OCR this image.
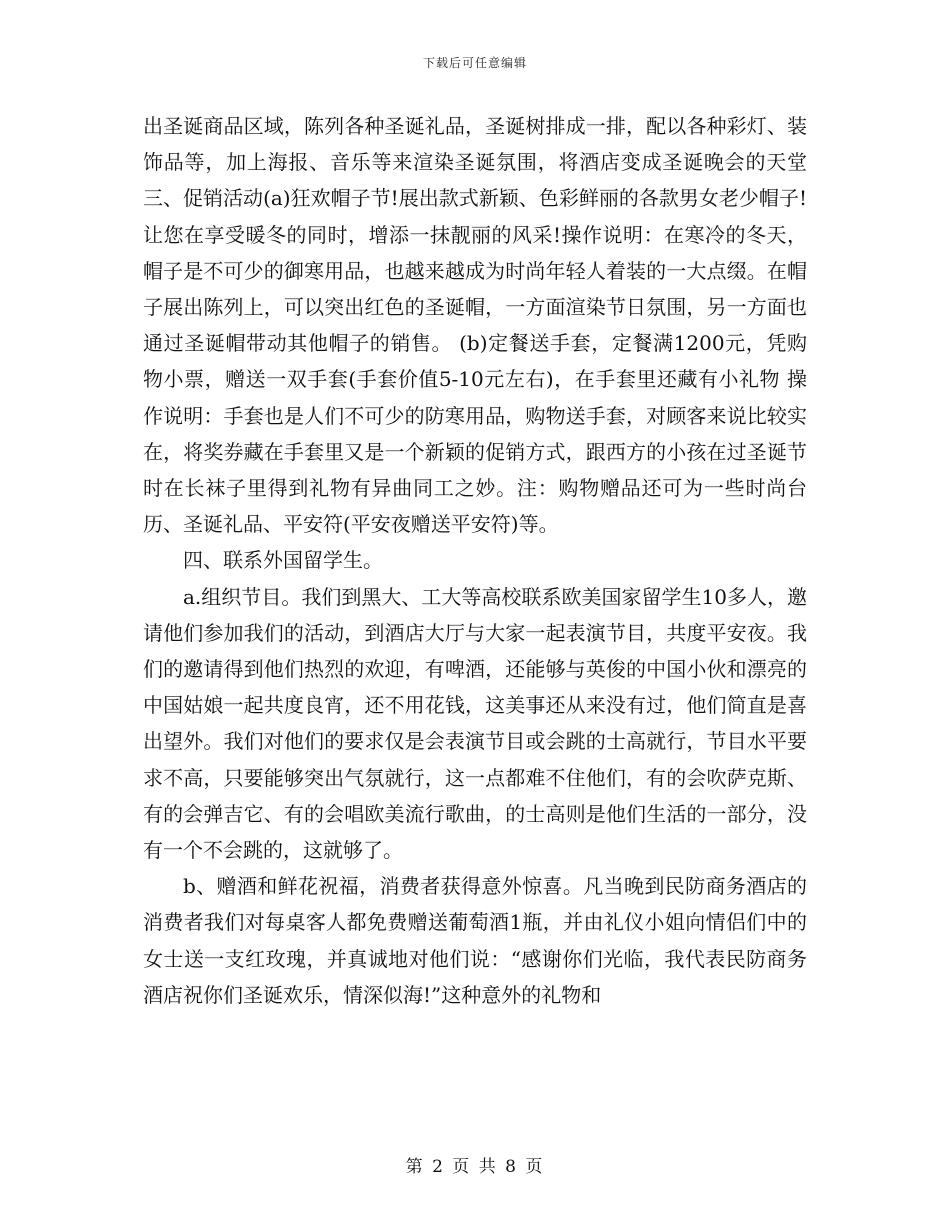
下载后可任意编辑

出圣诞商品区域，陈列各种圣诞礼品，圣诞树排成一排，配以各种彩灯、装饰品等，加上海报、音乐等来渲染圣诞氛围，将酒店变成圣诞晚会的天堂三、促销活动(a)狂欢帽子节!展出款式新颖、色彩鲜丽的各款男女老少帽子!让您在享受暖冬的同时，增添一抹靓丽的风采!操作说明：在寒冷的冬天，帽子是不可少的御寒用品，也越来越成为时尚年轻人着装的一大点缀。在帽子展出陈列上，可以突出红色的圣诞帽，一方面渲染节日氛围，另一方面也通过圣诞帽带动其他帽子的销售。 (b)定餐送手套，定餐满1200元，凭购物小票，赠送一双手套(手套价值5-10元左右)，在手套里还藏有小礼物 操作说明：手套也是人们不可少的防寒用品，购物送手套，对顾客来说比较实在，将奖券藏在手套里又是一个新颖的促销方式，跟西方的小孩在过圣诞节时在长袜子里得到礼物有异曲同工之妙。注：购物赠品还可为一些时尚台历、圣诞礼品、平安符(平安夜赠送平安符)等。

四、联系外国留学生。

a.组织节目。我们到黑大、工大等高校联系欧美国家留学生10多人，邀请他们参加我们的活动，到酒店大厅与大家一起表演节目，共度平安夜。我们的邀请得到他们热烈的欢迎，有啤酒，还能够与英俊的中国小伙和漂亮的中国姑娘一起共度良宵，还不用花钱，这美事还从来没有过，他们简直是喜出望外。我们对他们的要求仅是会表演节目或会跳的士高就行，节目水平要求不高，只要能够突出气氛就行，这一点都难不住他们，有的会吹萨克斯、有的会弹吉它、有的会唱欧美流行歌曲，的士高则是他们生活的一部分，没有一个不会跳的，这就够了。

b、赠酒和鲜花祝福，消费者获得意外惊喜。凡当晚到民防商务酒店的消费者我们对每桌客人都免费赠送葡萄酒1瓶，并由礼仪小姐向情侣们中的女士送一支红玫瑰，并真诚地对他们说：“感谢你们光临，我代表民防商务酒店祝你们圣诞欢乐，情深似海!”这种意外的礼物和

第 2 页 共 8 页
